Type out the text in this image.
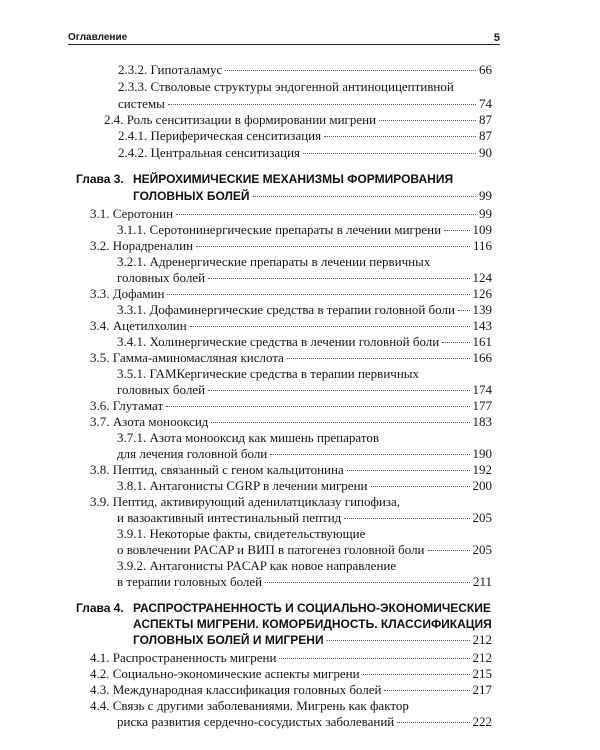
Оглавление	5
2.3.2. Гипоталамус	66
2.3.3. Стволовые структуры эндогенной антиноцицептивной
системы	74
2.4. Роль сенситизации в формировании мигрени	87
2.4.1. Периферическая сенситизация	87
2.4.2. Центральная сенситизация	90
Глава 3. НЕЙРОХИМИЧЕСКИЕ МЕХАНИЗМЫ ФОРМИРОВАНИЯ
ГОЛОВНЫХ БОЛЕЙ	99
3.1. Серотонин	99
3.1.1. Серотонинергические препараты в лечении мигрени 109
3.2. Норадреналин	116
3.2.1. Адренергические препараты в лечении первичных
головных болей	124
3.3. Дофамин	126
3.3.1. Дофаминергические средства в терапии головной боли 139
3.4. Ацетилхолин	143
3.4.1. Холинергические средства в лечении головной боли	161
3.5. Гамма-аминомасляная кислота	166
3.5.1. ГАМКергические средства в терапии первичных
головных болей	174
3.6. Глутамат	177
3.7. Азота монооксид	183
3.7.1. Азота монооксид как мишень препаратов
для лечения головной боли	190
3.8. Пептид, связанный с геном кальцитонина	192
3.8.1. Антагонисты CGRP в лечении мигрени	200
3.9. Пептид, активирующий аденилатциклазу гипофиза,
и вазоактивный интестинальный пептид	205
3.9.1. Некоторые факты, свидетельствующие
о вовлечении PACAP и ВИП в патогенез головной боли	205
3.9.2. Антагонисты PACAP как новое направление
в терапии головных болей	211
Глава 4. РАСПРОСТРАНЕННОСТЬ И СОЦИАЛЬНО-ЭКОНОМИЧЕСКИЕ
АСПЕКТЫ МИГРЕНИ. КОМОРБИДНОСТЬ. КЛАССИФИКАЦИЯ
ГОЛОВНЫХ БОЛЕЙ И МИГРЕНИ	212
4.1. Распространенность мигрени	212
4.2. Социально-экономические аспекты мигрени	215
4.3. Международная классификация головных болей	217
4.4. Связь с другими заболеваниями. Мигрень как фактор
риска развития сердечно-сосудистых заболеваний	222
